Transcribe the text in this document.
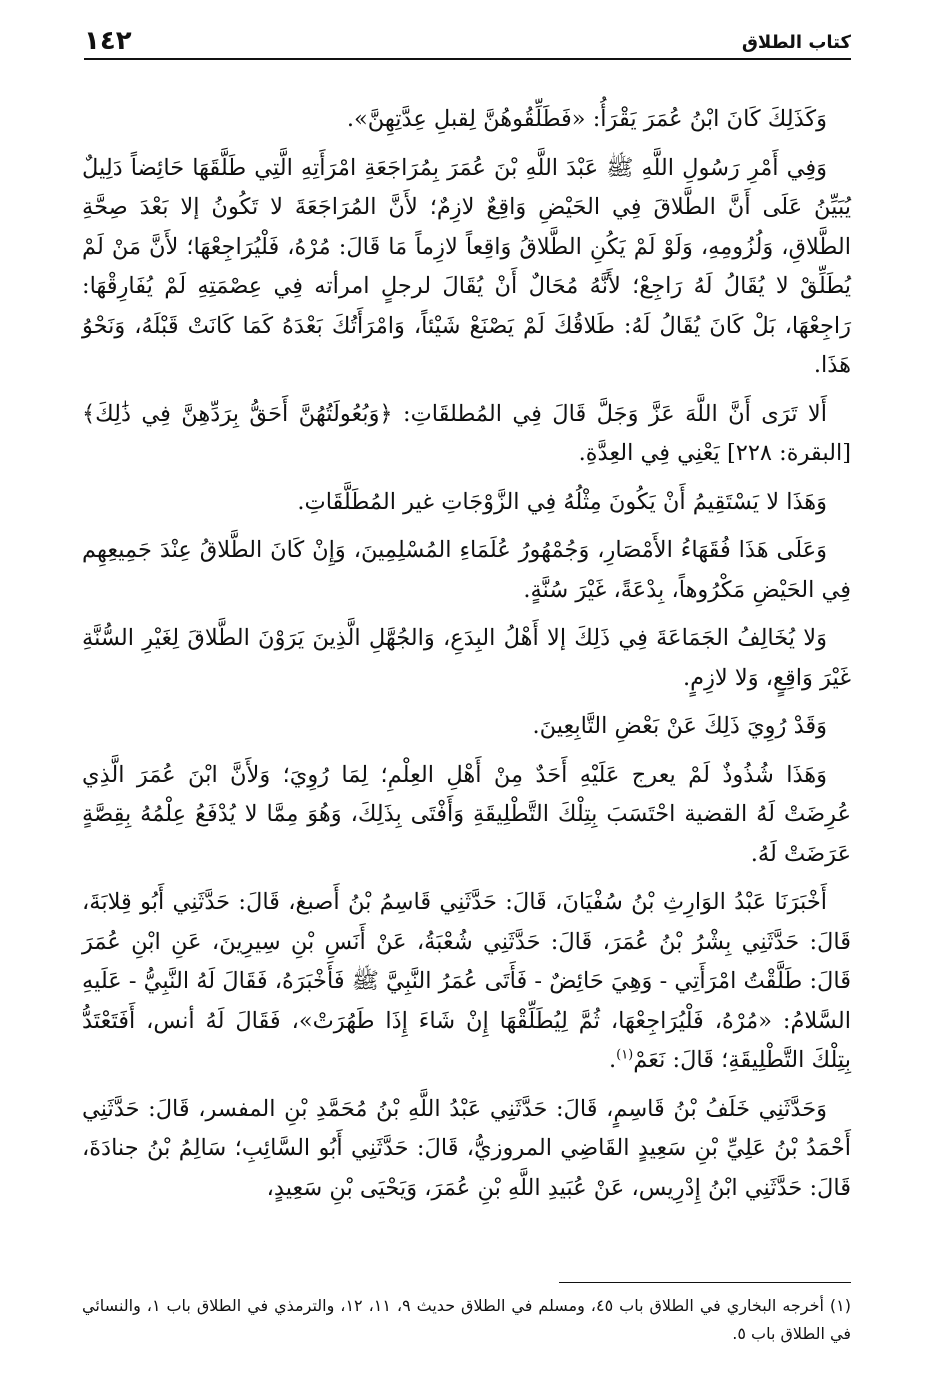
كتاب الطلاق
١٤٢

وَكَذَلِكَ كَانَ ابْنُ عُمَرَ يَقْرَأُ: «فَطَلِّقُوهُنَّ لِقبلِ عِدَّتِهِنَّ».

وَفِي أَمْرِ رَسُولِ اللَّهِ ﷺ عَبْدَ اللَّهِ بْنَ عُمَرَ بِمُرَاجَعَةِ امْرَأَتِهِ الَّتِي طَلَّقَهَا حَائِضاً دَلِيلٌ يُبَيِّنُ عَلَى أَنَّ الطَّلاقَ فِي الحَيْضِ وَاقِعٌ لازِمٌ؛ لأَنَّ المُرَاجَعَةَ لا تَكُونُ إلا بَعْدَ صِحَّةِ الطَّلاقِ، وَلُزُومِهِ، وَلَوْ لَمْ يَكُنِ الطَّلاقُ وَاقِعاً لازِماً مَا قَالَ: مُرْهُ، فَلْيُرَاجِعْهَا؛ لأَنَّ مَنْ لَمْ يُطَلِّقْ لا يُقَالُ لَهُ رَاجِعْ؛ لأَنَّهُ مُحَالٌ أَنْ يُقَالَ لرجلٍ امرأته فِي عِصْمَتِهِ لَمْ يُفَارِقْهَا: رَاجِعْهَا، بَلْ كَانَ يُقَالُ لَهُ: طَلاقُكَ لَمْ يَصْنَعْ شَيْئاً، وَامْرَأَتُكَ بَعْدَهُ كَمَا كَانَتْ قَبْلَهُ، وَنَحْوُ هَذَا.

أَلا تَرَى أَنَّ اللَّهَ عَزَّ وَجَلَّ قَالَ فِي المُطلقَاتِ: ﴿وَبُعُولَتُهُنَّ أَحَقُّ بِرَدِّهِنَّ فِي ذَٰلِكَ﴾ [البقرة: ٢٢٨] يَعْنِي فِي العِدَّةِ.

وَهَذَا لا يَسْتَقِيمُ أَنْ يَكُونَ مِثْلُهُ فِي الزَّوْجَاتِ غير المُطَلَّقَاتِ.

وَعَلَى هَذَا فُقَهَاءُ الأَمْصَارِ، وَجُمْهُورُ عُلَمَاءِ المُسْلِمِينَ، وَإِنْ كَانَ الطَّلاقُ عِنْدَ جَمِيعِهِم فِي الحَيْضِ مَكْرُوهاً، بِدْعَةً، غَيْرَ سُنَّةٍ.

وَلا يُخَالِفُ الجَمَاعَةَ فِي ذَلِكَ إلا أَهْلُ البِدَعِ، وَالجُهَّلِ الَّذِينَ يَرَوْنَ الطَّلاقَ لِغَيْرِ السُّنَّةِ غَيْرَ وَاقِعٍ، وَلا لازِمٍ.

وَقَدْ رُوِيَ ذَلِكَ عَنْ بَعْضِ التَّابِعِينَ.

وَهَذَا شُذُوذٌ لَمْ يعرج عَلَيْهِ أَحَدٌ مِنْ أَهْلِ العِلْمِ؛ لِمَا رُوِيَ؛ وَلأَنَّ ابْنَ عُمَرَ الَّذِي عُرِضَتْ لَهُ القضية احْتَسَبَ بِتِلْكَ التَّطْلِيقَةِ وَأَفْتَى بِذَلِكَ، وَهُوَ مِمَّا لا يُدْفَعُ عِلْمُهُ بِقِصَّةٍ عَرَضَتْ لَهُ.

أَخْبَرَنَا عَبْدُ الوَارِثِ بْنُ سُفْيَانَ، قَالَ: حَدَّثَنِي قَاسِمُ بْنُ أَصبغ، قَالَ: حَدَّثَنِي أَبُو قِلابَةَ، قَالَ: حَدَّثَنِي بِشْرُ بْنُ عُمَرَ، قَالَ: حَدَّثَنِي شُعْبَةُ، عَنْ أَنَسِ بْنِ سِيرِينَ، عَنِ ابْنِ عُمَرَ قَالَ: طَلَّقْتُ امْرَأَتِي - وَهِيَ حَائِضٌ - فَأَتَى عُمَرُ النَّبِيَّ ﷺ فَأَخْبَرَهُ، فَقَالَ لَهُ النَّبِيُّ - عَلَيهِ السَّلامُ: «مُرْهُ، فَلْيُرَاجِعْهَا، ثُمَّ لِيُطَلِّقْهَا إِنْ شَاءَ إِذَا طَهُرَتْ»، فَقَالَ لَهُ أنس، أَفَتَعْتَدُّ بِتِلْكَ التَّطْلِيقَةِ؛ قَالَ: نَعَمْ$^{(١)}$.

وَحَدَّثَنِي خَلَفُ بْنُ قَاسِمٍ، قَالَ: حَدَّثَنِي عَبْدُ اللَّهِ بْنُ مُحَمَّدِ بْنِ المفسر، قَالَ: حَدَّثَنِي أَحْمَدُ بْنُ عَلِيِّ بْنِ سَعِيدٍ القَاضِي المروزيُّ، قَالَ: حَدَّثَنِي أَبُو السَّائِبِ؛ سَالِمُ بْنُ جنادَةَ، قَالَ: حَدَّثَنِي ابْنُ إِدْرِيس، عَنْ عُبَيدِ اللَّهِ بْنِ عُمَرَ، وَيَحْيَى بْنِ سَعِيدٍ،

(١) أخرجه البخاري في الطلاق باب ٤٥، ومسلم في الطلاق حديث ٩، ١١، ١٢، والترمذي في الطلاق باب ١، والنسائي في الطلاق باب ٥.
